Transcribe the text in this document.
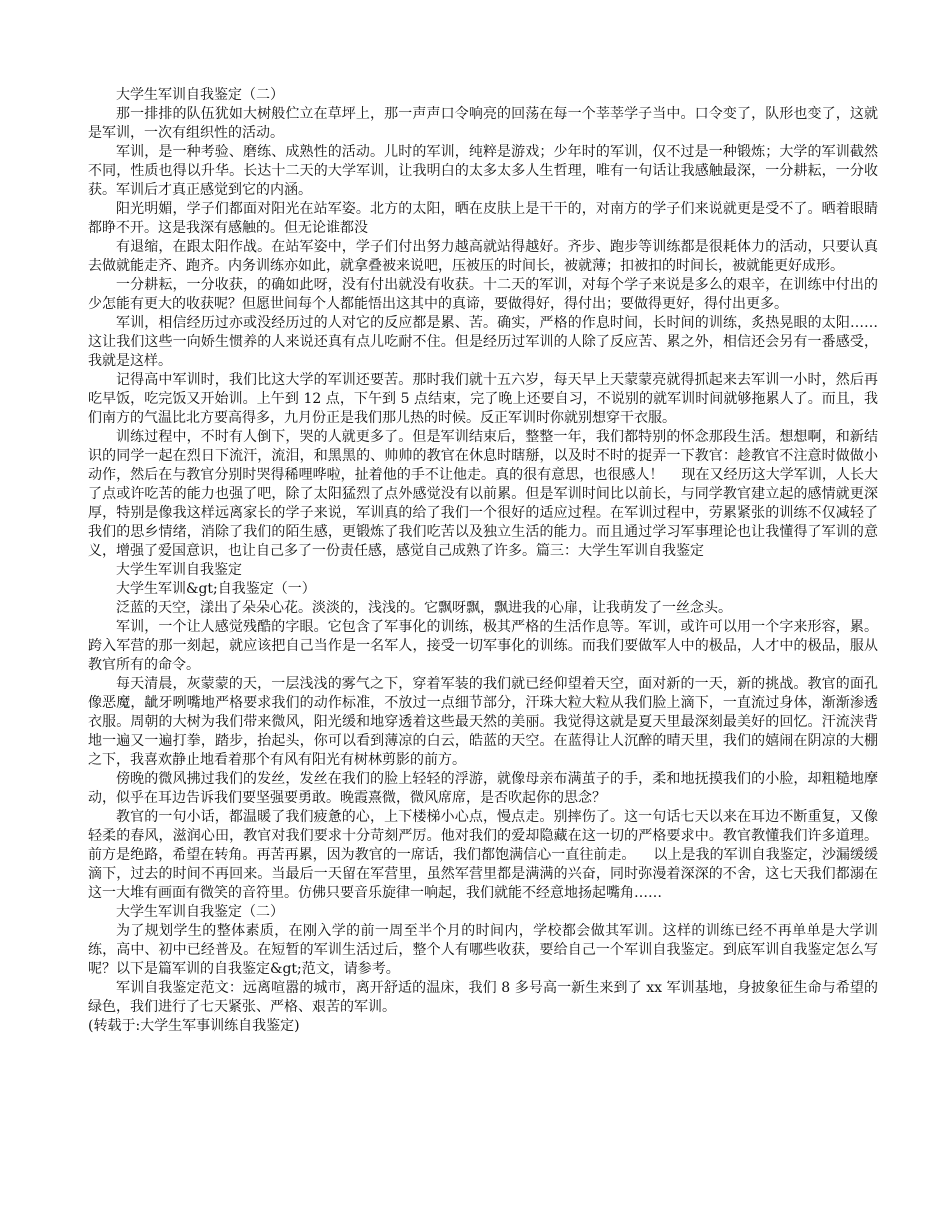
大学生军训自我鉴定（二）

那一排排的队伍犹如大树般伫立在草坪上，那一声声口令响亮的回荡在每一个莘莘学子当中。口令变了，队形也变了，这就是军训，一次有组织性的活动。

军训，是一种考验、磨练、成熟性的活动。儿时的军训，纯粹是游戏；少年时的军训，仅不过是一种锻炼；大学的军训截然不同，性质也得以升华。长达十二天的大学军训，让我明白的太多太多人生哲理，唯有一句话让我感触最深，一分耕耘，一分收获。军训后才真正感觉到它的内涵。

阳光明媚，学子们都面对阳光在站军姿。北方的太阳，晒在皮肤上是干干的，对南方的学子们来说就更是受不了。晒着眼睛都睁不开。这是我深有感触的。但无论谁都没

有退缩，在跟太阳作战。在站军姿中，学子们付出努力越高就站得越好。齐步、跑步等训练都是很耗体力的活动，只要认真去做就能走齐、跑齐。内务训练亦如此，就拿叠被来说吧，压被压的时间长，被就薄；扣被扣的时间长，被就能更好成形。

一分耕耘，一分收获，的确如此呀，没有付出就没有收获。十二天的军训，对每个学子来说是多么的艰辛，在训练中付出的少怎能有更大的收获呢？但愿世间每个人都能悟出这其中的真谛，要做得好，得付出；要做得更好，得付出更多。

军训，相信经历过亦或没经历过的人对它的反应都是累、苦。确实，严格的作息时间，长时间的训练，炙热晃眼的太阳……这让我们这些一向娇生惯养的人来说还真有点儿吃耐不住。但是经历过军训的人除了反应苦、累之外，相信还会另有一番感受，我就是这样。

记得高中军训时，我们比这大学的军训还要苦。那时我们就十五六岁，每天早上天蒙蒙亮就得抓起来去军训一小时，然后再吃早饭，吃完饭又开始训。上午到 12 点，下午到 5 点结束，完了晚上还要自习，不说别的就军训时间就够拖累人了。而且，我们南方的气温比北方要高得多，九月份正是我们那儿热的时候。反正军训时你就别想穿干衣服。

训练过程中，不时有人倒下，哭的人就更多了。但是军训结束后，整整一年，我们都特别的怀念那段生活。想想啊，和新结识的同学一起在烈日下流汗，流泪，和黑黑的、帅帅的教官在休息时瞎掰，以及时不时的捉弄一下教官：趁教官不注意时做做小动作，然后在与教官分别时哭得稀哩哗啦，扯着他的手不让他走。真的很有意思，也很感人！    现在又经历这大学军训，人长大了点或许吃苦的能力也强了吧，除了太阳猛烈了点外感觉没有以前累。但是军训时间比以前长，与同学教官建立起的感情就更深厚，特别是像我这样远离家长的学子来说，军训真的给了我们一个很好的适应过程。在军训过程中，劳累紧张的训练不仅减轻了我们的思乡情绪，消除了我们的陌生感，更锻炼了我们吃苦以及独立生活的能力。而且通过学习军事理论也让我懂得了军训的意义，增强了爱国意识，也让自己多了一份责任感，感觉自己成熟了许多。篇三：大学生军训自我鉴定

大学生军训自我鉴定

大学生军训&gt;自我鉴定（一）

泛蓝的天空，漾出了朵朵心花。淡淡的，浅浅的。它飘呀飘，飘进我的心扉，让我萌发了一丝念头。

军训，一个让人感觉残酷的字眼。它包含了军事化的训练，极其严格的生活作息等。军训，或许可以用一个字来形容，累。跨入军营的那一刻起，就应该把自己当作是一名军人，接受一切军事化的训练。而我们要做军人中的极品，人才中的极品，服从教官所有的命令。

每天清晨，灰蒙蒙的天，一层浅浅的雾气之下，穿着军装的我们就已经仰望着天空，面对新的一天，新的挑战。教官的面孔像恶魔，龇牙咧嘴地严格要求我们的动作标准，不放过一点细节部分，汗珠大粒大粒从我们脸上滴下，一直流过身体，渐渐渗透衣服。周朝的大树为我们带来微风，阳光缓和地穿透着这些最天然的美丽。我觉得这就是夏天里最深刻最美好的回忆。汗流浃背地一遍又一遍打拳，踏步，抬起头，你可以看到薄凉的白云，皓蓝的天空。在蓝得让人沉醉的晴天里，我们的嬉闹在阴凉的大棚之下，我喜欢静止地看着那个有风有阳光有树林剪影的前方。

傍晚的微风拂过我们的发丝，发丝在我们的脸上轻轻的浮游，就像母亲布满茧子的手，柔和地抚摸我们的小脸，却粗糙地摩动，似乎在耳边告诉我们要坚强要勇敢。晚霞熹微，微风席席，是否吹起你的思念？

教官的一句小话，都温暖了我们疲惫的心，上下楼梯小心点，慢点走。别摔伤了。这一句话七天以来在耳边不断重复，又像轻柔的春风，滋润心田，教官对我们要求十分苛刻严厉。他对我们的爱却隐藏在这一切的严格要求中。教官教懂我们许多道理。前方是绝路，希望在转角。再苦再累，因为教官的一席话，我们都饱满信心一直往前走。    以上是我的军训自我鉴定，沙漏缓缓滴下，过去的时间不再回来。当最后一天留在军营里，虽然军营里都是满满的兴奋，同时弥漫着深深的不舍，这七天我们都溺在这一大堆有画面有微笑的音符里。仿佛只要音乐旋律一响起，我们就能不经意地扬起嘴角……

大学生军训自我鉴定（二）

为了规划学生的整体素质，在刚入学的前一周至半个月的时间内，学校都会做其军训。这样的训练已经不再单单是大学训练，高中、初中已经普及。在短暂的军训生活过后，整个人有哪些收获，要给自己一个军训自我鉴定。到底军训自我鉴定怎么写呢？以下是篇军训的自我鉴定&gt;范文，请参考。

军训自我鉴定范文：远离喧嚣的城市，离开舒适的温床，我们 8 多号高一新生来到了 xx 军训基地，身披象征生命与希望的绿色，我们进行了七天紧张、严格、艰苦的军训。

(转载于:大学生军事训练自我鉴定)
